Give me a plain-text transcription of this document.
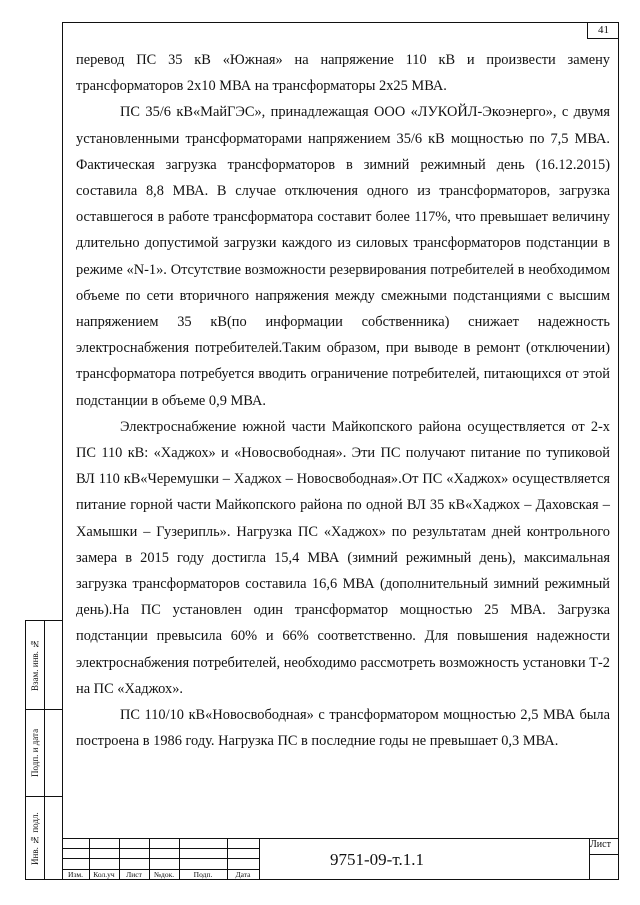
41

перевод ПС 35 кВ «Южная» на напряжение 110 кВ и произвести замену трансформаторов 2х10 МВА на трансформаторы 2х25 МВА.

ПС 35/6 кВ«МайГЭС», принадлежащая ООО «ЛУКОЙЛ-Экоэнерго», с двумя установленными трансформаторами напряжением 35/6 кВ мощностью по 7,5 МВА. Фактическая загрузка трансформаторов в зимний режимный день (16.12.2015) составила 8,8 МВА. В случае отключения одного из трансформаторов, загрузка оставшегося в работе трансформатора составит более 117%, что превышает величину длительно допустимой загрузки каждого из силовых трансформаторов подстанции в режиме «N-1». Отсутствие возможности резервирования потребителей в необходимом объеме по сети вторичного напряжения между смежными подстанциями с высшим напряжением 35 кВ(по информации собственника) снижает надежность электроснабжения потребителей.Таким образом, при выводе в ремонт (отключении) трансформатора потребуется вводить ограничение потребителей, питающихся от этой подстанции в объеме 0,9 МВА.

Электроснабжение южной части Майкопского района осуществляется от 2-х ПС 110 кВ: «Хаджох» и «Новосвободная». Эти ПС получают питание по тупиковой ВЛ 110 кВ«Черемушки – Хаджох – Новосвободная».От ПС «Хаджох» осуществляется питание горной части Майкопского района по одной ВЛ 35 кВ«Хаджох – Даховская – Хамышки – Гузерипль». Нагрузка ПС «Хаджох» по результатам дней контрольного замера в 2015 году достигла 15,4 МВА (зимний режимный день), максимальная загрузка трансформаторов составила 16,6 МВА (дополнительный зимний режимный день).На ПС установлен один трансформатор мощностью 25 МВА. Загрузка подстанции превысила 60% и 66% соответственно. Для повышения надежности электроснабжения потребителей, необходимо рассмотреть возможность установки Т-2 на ПС «Хаджох».

ПС 110/10 кВ«Новосвободная» с трансформатором мощностью 2,5 МВА была построена в 1986 году. Нагрузка ПС в последние годы не превышает 0,3 МВА.

Взам. инв. №
Подп. и дата
Инв. № подл.
Изм.	Кол.уч	Лист	№док.	Подп.	Дата
9751-09-т.1.1
Лист
